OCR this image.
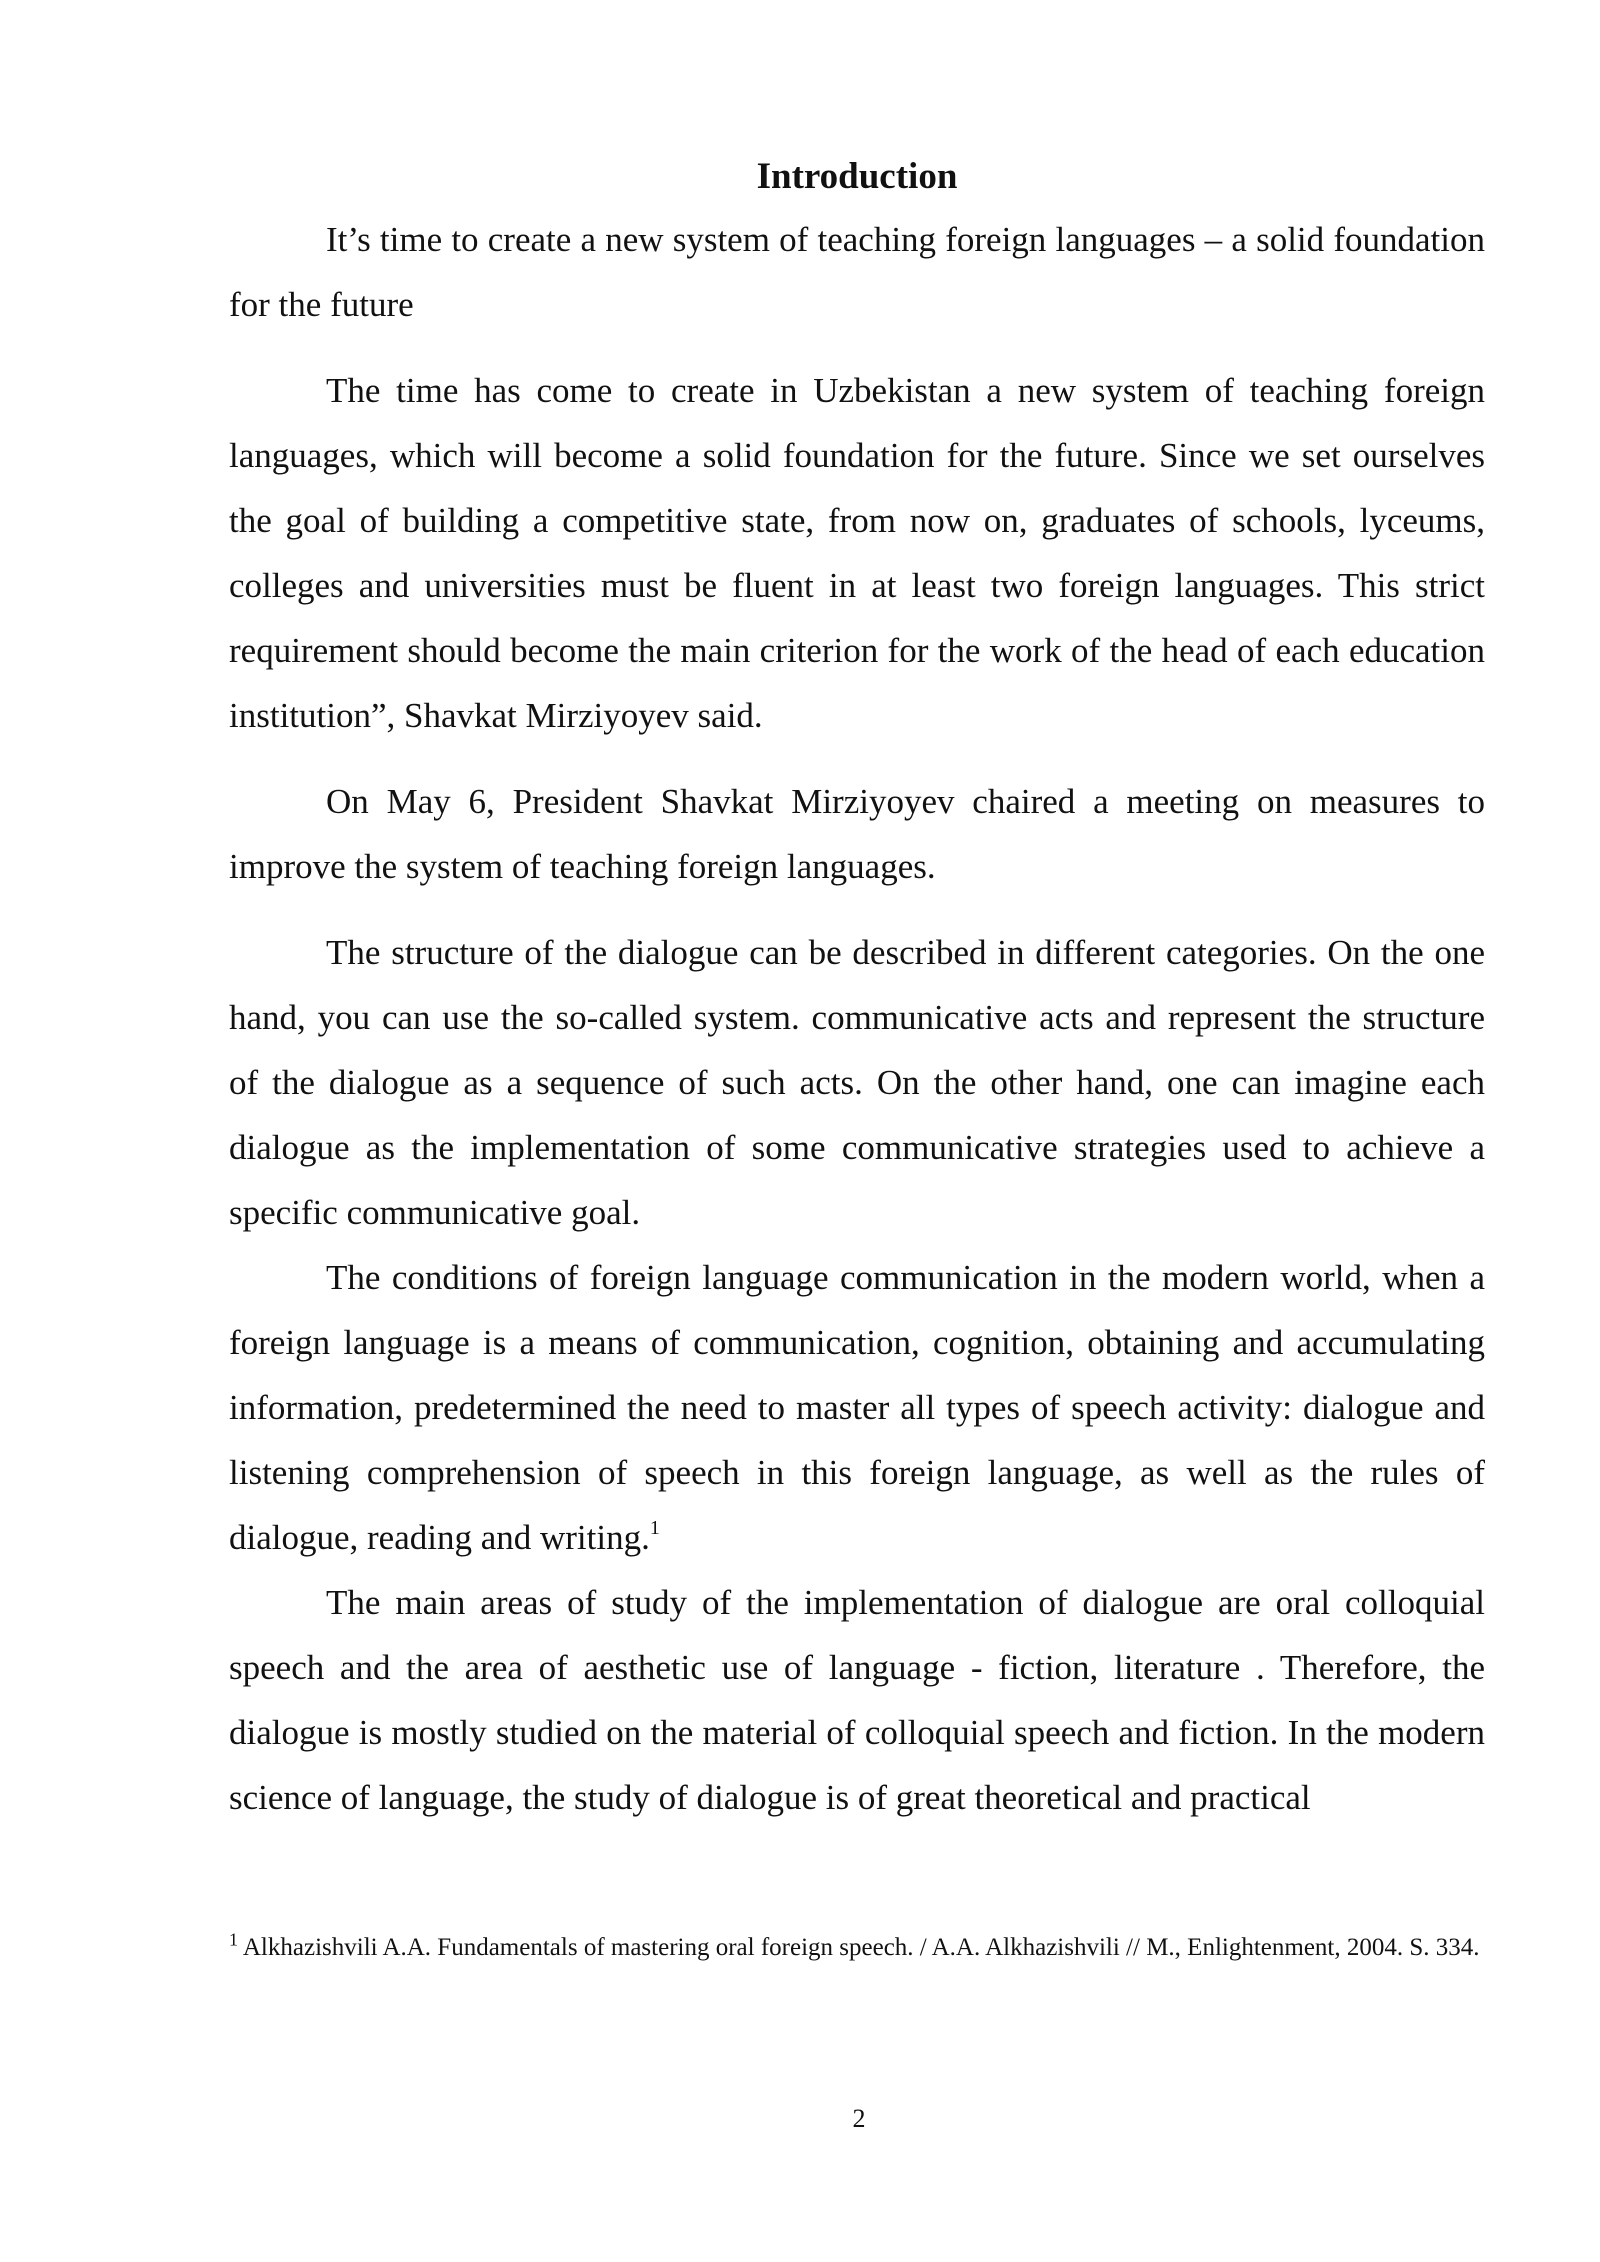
Introduction

It’s time to create a new system of teaching foreign languages – a solid foundation for the future

The time has come to create in Uzbekistan a new system of teaching foreign languages, which will become a solid foundation for the future. Since we set ourselves the goal of building a competitive state, from now on, graduates of schools, lyceums, colleges and universities must be fluent in at least two foreign languages. This strict requirement should become the main criterion for the work of the head of each education institution”, Shavkat Mirziyoyev said.

On May 6, President Shavkat Mirziyoyev chaired a meeting on measures to improve the system of teaching foreign languages.

The structure of the dialogue can be described in different categories. On the one hand, you can use the so-called system. communicative acts and represent the structure of the dialogue as a sequence of such acts. On the other hand, one can imagine each dialogue as the implementation of some communicative strategies used to achieve a specific communicative goal.

The conditions of foreign language communication in the modern world, when a foreign language is a means of communication, cognition, obtaining and accumulating information, predetermined the need to master all types of speech activity: dialogue and listening comprehension of speech in this foreign language, as well as the rules of dialogue, reading and writing.$^1$

The main areas of study of the implementation of dialogue are oral colloquial speech and the area of aesthetic use of language - fiction, literature . Therefore, the dialogue is mostly studied on the material of colloquial speech and fiction. In the modern science of language, the study of dialogue is of great theoretical and practical

$^1$ Alkhazishvili A.A. Fundamentals of mastering oral foreign speech. / A.A. Alkhazishvili // M., Enlightenment, 2004. S. 334.

2
